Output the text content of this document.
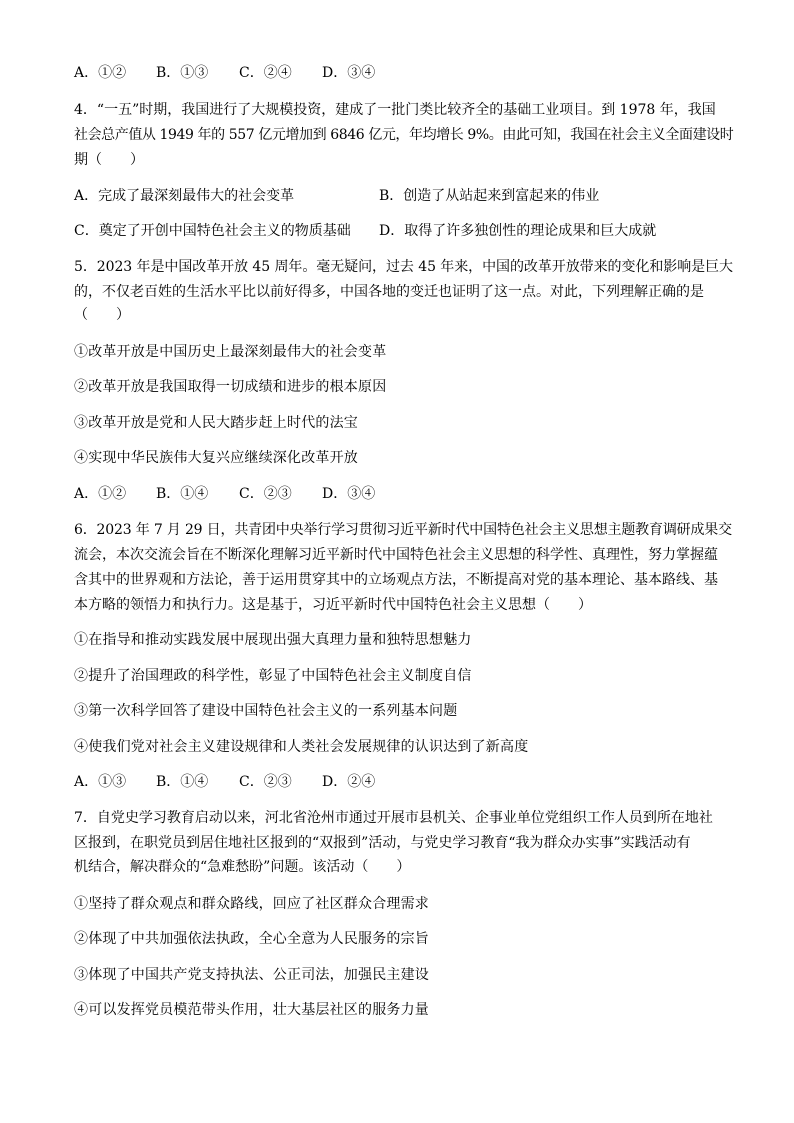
A．①② B．①③ C．②④ D．③④
4．“一五”时期，我国进行了大规模投资，建成了一批门类比较齐全的基础工业项目。到 1978 年，我国
社会总产值从 1949 年的 557 亿元增加到 6846 亿元，年均增长 9%。由此可知，我国在社会主义全面建设时
期（　　）
A．完成了最深刻最伟大的社会变革	B．创造了从站起来到富起来的伟业
C．奠定了开创中国特色社会主义的物质基础 D．取得了许多独创性的理论成果和巨大成就
5．2023 年是中国改革开放 45 周年。毫无疑问，过去 45 年来，中国的改革开放带来的变化和影响是巨大
的，不仅老百姓的生活水平比以前好得多，中国各地的变迁也证明了这一点。对此，下列理解正确的是
（　　）
①改革开放是中国历史上最深刻最伟大的社会变革
②改革开放是我国取得一切成绩和进步的根本原因
③改革开放是党和人民大踏步赶上时代的法宝
④实现中华民族伟大复兴应继续深化改革开放
A．①② B．①④ C．②③ D．③④
6．2023 年 7 月 29 日，共青团中央举行学习贯彻习近平新时代中国特色社会主义思想主题教育调研成果交
流会，本次交流会旨在不断深化理解习近平新时代中国特色社会主义思想的科学性、真理性，努力掌握蕴
含其中的世界观和方法论，善于运用贯穿其中的立场观点方法，不断提高对党的基本理论、基本路线、基
本方略的领悟力和执行力。这是基于，习近平新时代中国特色社会主义思想（　　）
①在指导和推动实践发展中展现出强大真理力量和独特思想魅力
②提升了治国理政的科学性，彰显了中国特色社会主义制度自信
③第一次科学回答了建设中国特色社会主义的一系列基本问题
④使我们党对社会主义建设规律和人类社会发展规律的认识达到了新高度
A．①③ B．①④ C．②③ D．②④
7．自党史学习教育启动以来，河北省沧州市通过开展市县机关、企事业单位党组织工作人员到所在地社
区报到，在职党员到居住地社区报到的“双报到”活动，与党史学习教育“我为群众办实事”实践活动有
机结合，解决群众的“急难愁盼”问题。该活动（　　）
①坚持了群众观点和群众路线，回应了社区群众合理需求
②体现了中共加强依法执政，全心全意为人民服务的宗旨
③体现了中国共产党支持执法、公正司法，加强民主建设
④可以发挥党员模范带头作用，壮大基层社区的服务力量
